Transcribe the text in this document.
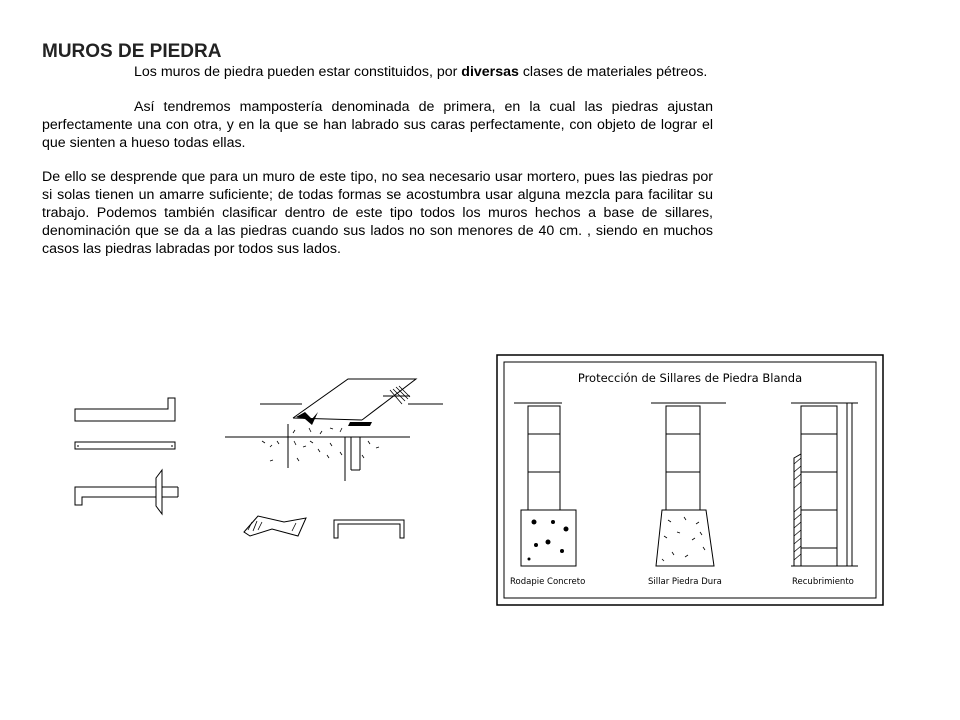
MUROS DE PIEDRA

Los muros de piedra pueden estar constituidos, por diversas clases de materiales pétreos.

Así tendremos mampostería denominada de primera, en la cual las piedras ajustan perfectamente una con otra, y en la que se han labrado sus caras perfectamente, con objeto de lograr el que sienten a hueso todas ellas.

De ello se desprende que para un muro de este tipo, no sea necesario usar mortero, pues las piedras por si solas tienen un amarre suficiente; de todas formas se acostumbra usar alguna mezcla para facilitar su trabajo. Podemos también clasificar dentro de este tipo todos los muros hechos a base de sillares, denominación que se da a las piedras cuando sus lados no son menores de 40 cm. , siendo en muchos casos las piedras labradas por todos sus lados.

Protección de Sillares de Piedra Blanda
Rodapie Concreto	Sillar Piedra Dura	Recubrimiento
